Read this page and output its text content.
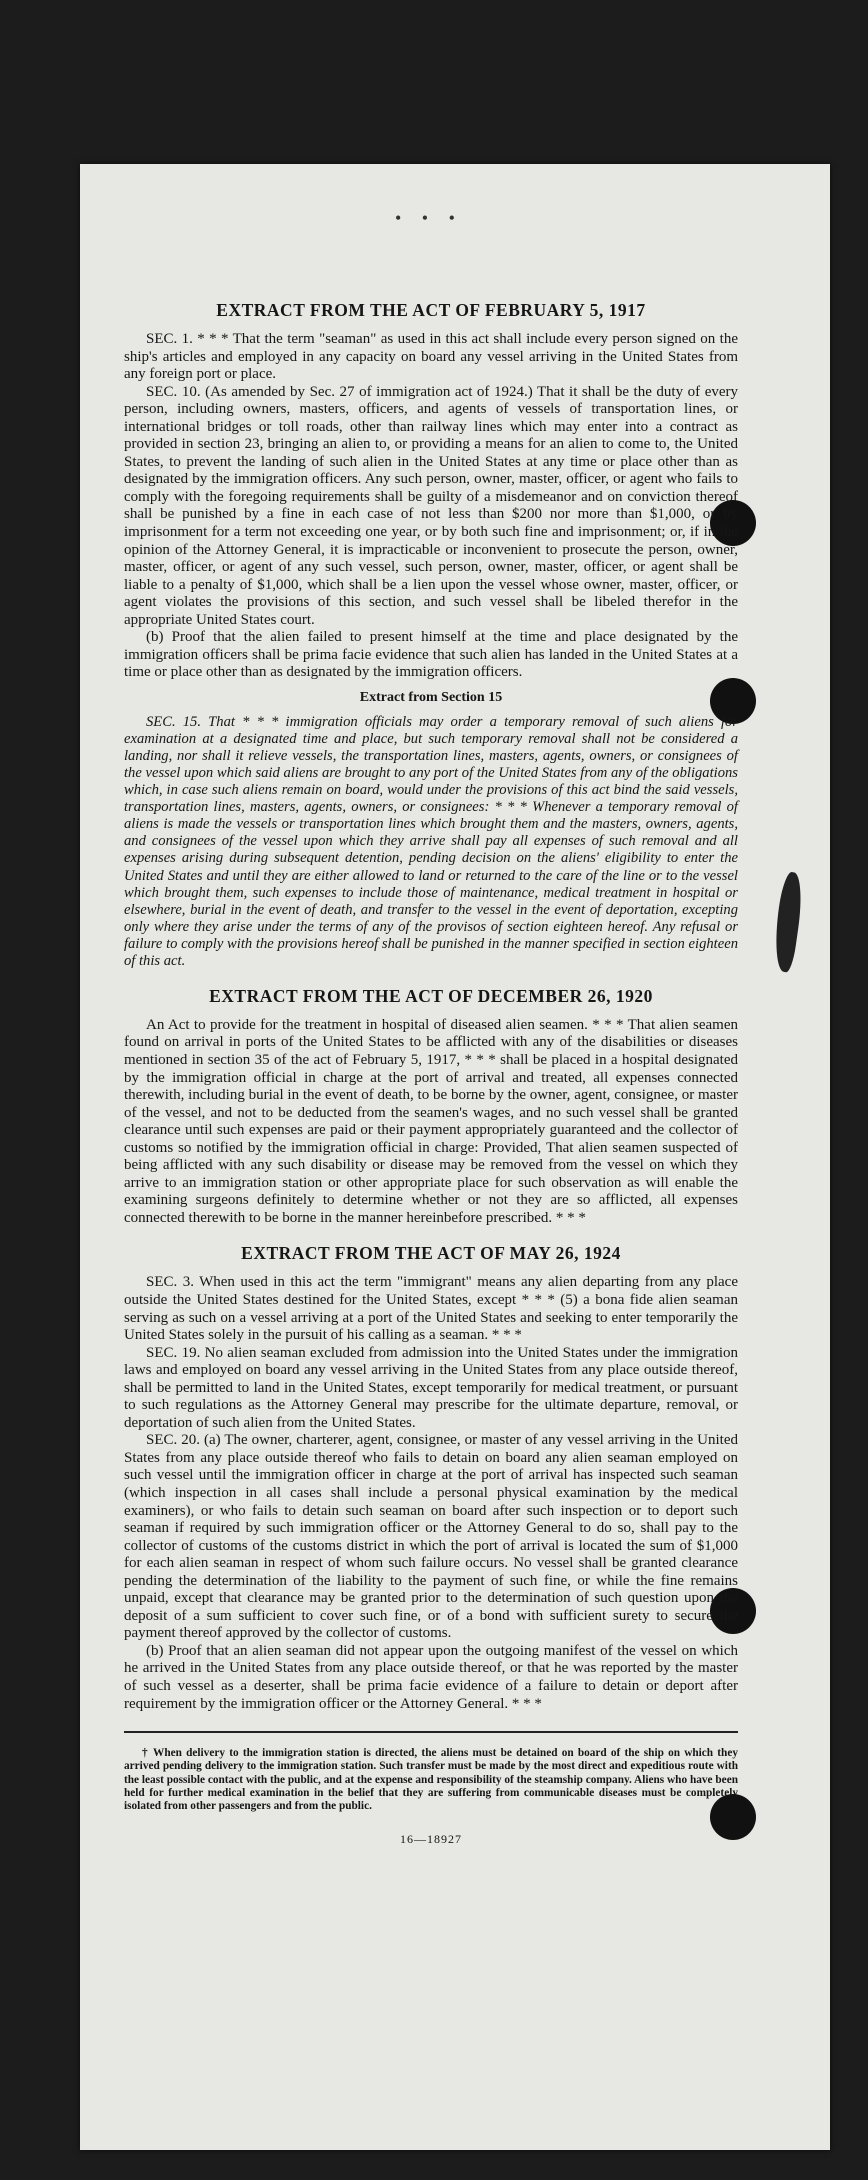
• • •
EXTRACT FROM THE ACT OF FEBRUARY 5, 1917

SEC. 1. * * * That the term "seaman" as used in this act shall include every person signed on the ship's articles and employed in any capacity on board any vessel arriving in the United States from any foreign port or place.

SEC. 10. (As amended by Sec. 27 of immigration act of 1924.) That it shall be the duty of every person, including owners, masters, officers, and agents of vessels of transportation lines, or international bridges or toll roads, other than railway lines which may enter into a contract as provided in section 23, bringing an alien to, or providing a means for an alien to come to, the United States, to prevent the landing of such alien in the United States at any time or place other than as designated by the immigration officers. Any such person, owner, master, officer, or agent who fails to comply with the foregoing requirements shall be guilty of a misdemeanor and on conviction thereof shall be punished by a fine in each case of not less than $200 nor more than $1,000, or by imprisonment for a term not exceeding one year, or by both such fine and imprisonment; or, if in the opinion of the Attorney General, it is impracticable or inconvenient to prosecute the person, owner, master, officer, or agent of any such vessel, such person, owner, master, officer, or agent shall be liable to a penalty of $1,000, which shall be a lien upon the vessel whose owner, master, officer, or agent violates the provisions of this section, and such vessel shall be libeled therefor in the appropriate United States court.

(b) Proof that the alien failed to present himself at the time and place designated by the immigration officers shall be prima facie evidence that such alien has landed in the United States at a time or place other than as designated by the immigration officers.

Extract from Section 15

SEC. 15. That * * * immigration officials may order a temporary removal of such aliens for examination at a designated time and place, but such temporary removal shall not be considered a landing, nor shall it relieve vessels, the transportation lines, masters, agents, owners, or consignees of the vessel upon which said aliens are brought to any port of the United States from any of the obligations which, in case such aliens remain on board, would under the provisions of this act bind the said vessels, transportation lines, masters, agents, owners, or consignees: * * * Whenever a temporary removal of aliens is made the vessels or transportation lines which brought them and the masters, owners, agents, and consignees of the vessel upon which they arrive shall pay all expenses of such removal and all expenses arising during subsequent detention, pending decision on the aliens' eligibility to enter the United States and until they are either allowed to land or returned to the care of the line or to the vessel which brought them, such expenses to include those of maintenance, medical treatment in hospital or elsewhere, burial in the event of death, and transfer to the vessel in the event of deportation, excepting only where they arise under the terms of any of the provisos of section eighteen hereof. Any refusal or failure to comply with the provisions hereof shall be punished in the manner specified in section eighteen of this act.

EXTRACT FROM THE ACT OF DECEMBER 26, 1920

An Act to provide for the treatment in hospital of diseased alien seamen. * * * That alien seamen found on arrival in ports of the United States to be afflicted with any of the disabilities or diseases mentioned in section 35 of the act of February 5, 1917, * * * shall be placed in a hospital designated by the immigration official in charge at the port of arrival and treated, all expenses connected therewith, including burial in the event of death, to be borne by the owner, agent, consignee, or master of the vessel, and not to be deducted from the seamen's wages, and no such vessel shall be granted clearance until such expenses are paid or their payment appropriately guaranteed and the collector of customs so notified by the immigration official in charge: Provided, That alien seamen suspected of being afflicted with any such disability or disease may be removed from the vessel on which they arrive to an immigration station or other appropriate place for such observation as will enable the examining surgeons definitely to determine whether or not they are so afflicted, all expenses connected therewith to be borne in the manner hereinbefore prescribed. * * *

EXTRACT FROM THE ACT OF MAY 26, 1924

SEC. 3. When used in this act the term "immigrant" means any alien departing from any place outside the United States destined for the United States, except * * * (5) a bona fide alien seaman serving as such on a vessel arriving at a port of the United States and seeking to enter temporarily the United States solely in the pursuit of his calling as a seaman. * * *

SEC. 19. No alien seaman excluded from admission into the United States under the immigration laws and employed on board any vessel arriving in the United States from any place outside thereof, shall be permitted to land in the United States, except temporarily for medical treatment, or pursuant to such regulations as the Attorney General may prescribe for the ultimate departure, removal, or deportation of such alien from the United States.

SEC. 20. (a) The owner, charterer, agent, consignee, or master of any vessel arriving in the United States from any place outside thereof who fails to detain on board any alien seaman employed on such vessel until the immigration officer in charge at the port of arrival has inspected such seaman (which inspection in all cases shall include a personal physical examination by the medical examiners), or who fails to detain such seaman on board after such inspection or to deport such seaman if required by such immigration officer or the Attorney General to do so, shall pay to the collector of customs of the customs district in which the port of arrival is located the sum of $1,000 for each alien seaman in respect of whom such failure occurs. No vessel shall be granted clearance pending the determination of the liability to the payment of such fine, or while the fine remains unpaid, except that clearance may be granted prior to the determination of such question upon the deposit of a sum sufficient to cover such fine, or of a bond with sufficient surety to secure the payment thereof approved by the collector of customs.

(b) Proof that an alien seaman did not appear upon the outgoing manifest of the vessel on which he arrived in the United States from any place outside thereof, or that he was reported by the master of such vessel as a deserter, shall be prima facie evidence of a failure to detain or deport after requirement by the immigration officer or the Attorney General. * * *

† When delivery to the immigration station is directed, the aliens must be detained on board of the ship on which they arrived pending delivery to the immigration station. Such transfer must be made by the most direct and expeditious route with the least possible contact with the public, and at the expense and responsibility of the steamship company. Aliens who have been held for further medical examination in the belief that they are suffering from communicable diseases must be completely isolated from other passengers and from the public.

16—18927
